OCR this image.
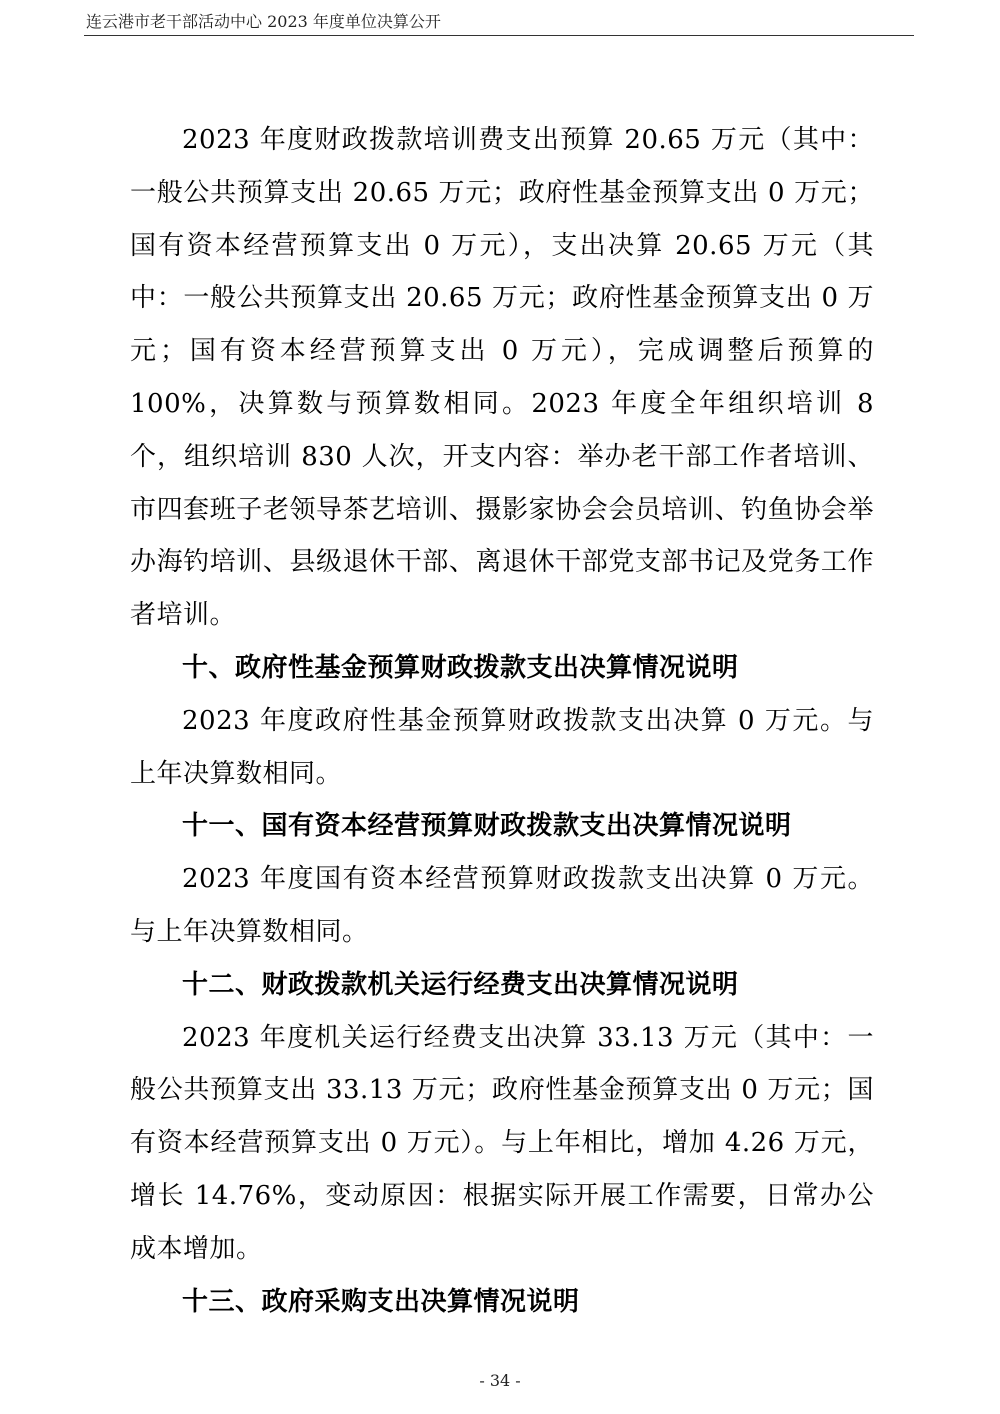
连云港市老干部活动中心 2023 年度单位决算公开

2023 年度财政拨款培训费支出预算 20.65 万元（其中：一般公共预算支出 20.65 万元；政府性基金预算支出 0 万元；国有资本经营预算支出 0 万元），支出决算 20.65 万元（其中：一般公共预算支出 20.65 万元；政府性基金预算支出 0 万元；国有资本经营预算支出 0 万元），完成调整后预算的 100%，决算数与预算数相同。2023 年度全年组织培训 8 个，组织培训 830 人次，开支内容：举办老干部工作者培训、市四套班子老领导茶艺培训、摄影家协会会员培训、钓鱼协会举办海钓培训、县级退休干部、离退休干部党支部书记及党务工作者培训。

十、政府性基金预算财政拨款支出决算情况说明

2023 年度政府性基金预算财政拨款支出决算 0 万元。与上年决算数相同。

十一、国有资本经营预算财政拨款支出决算情况说明

2023 年度国有资本经营预算财政拨款支出决算 0 万元。与上年决算数相同。

十二、财政拨款机关运行经费支出决算情况说明

2023 年度机关运行经费支出决算 33.13 万元（其中：一般公共预算支出 33.13 万元；政府性基金预算支出 0 万元；国有资本经营预算支出 0 万元）。与上年相比，增加 4.26 万元，增长 14.76%，变动原因：根据实际开展工作需要，日常办公成本增加。

十三、政府采购支出决算情况说明

- 34 -
